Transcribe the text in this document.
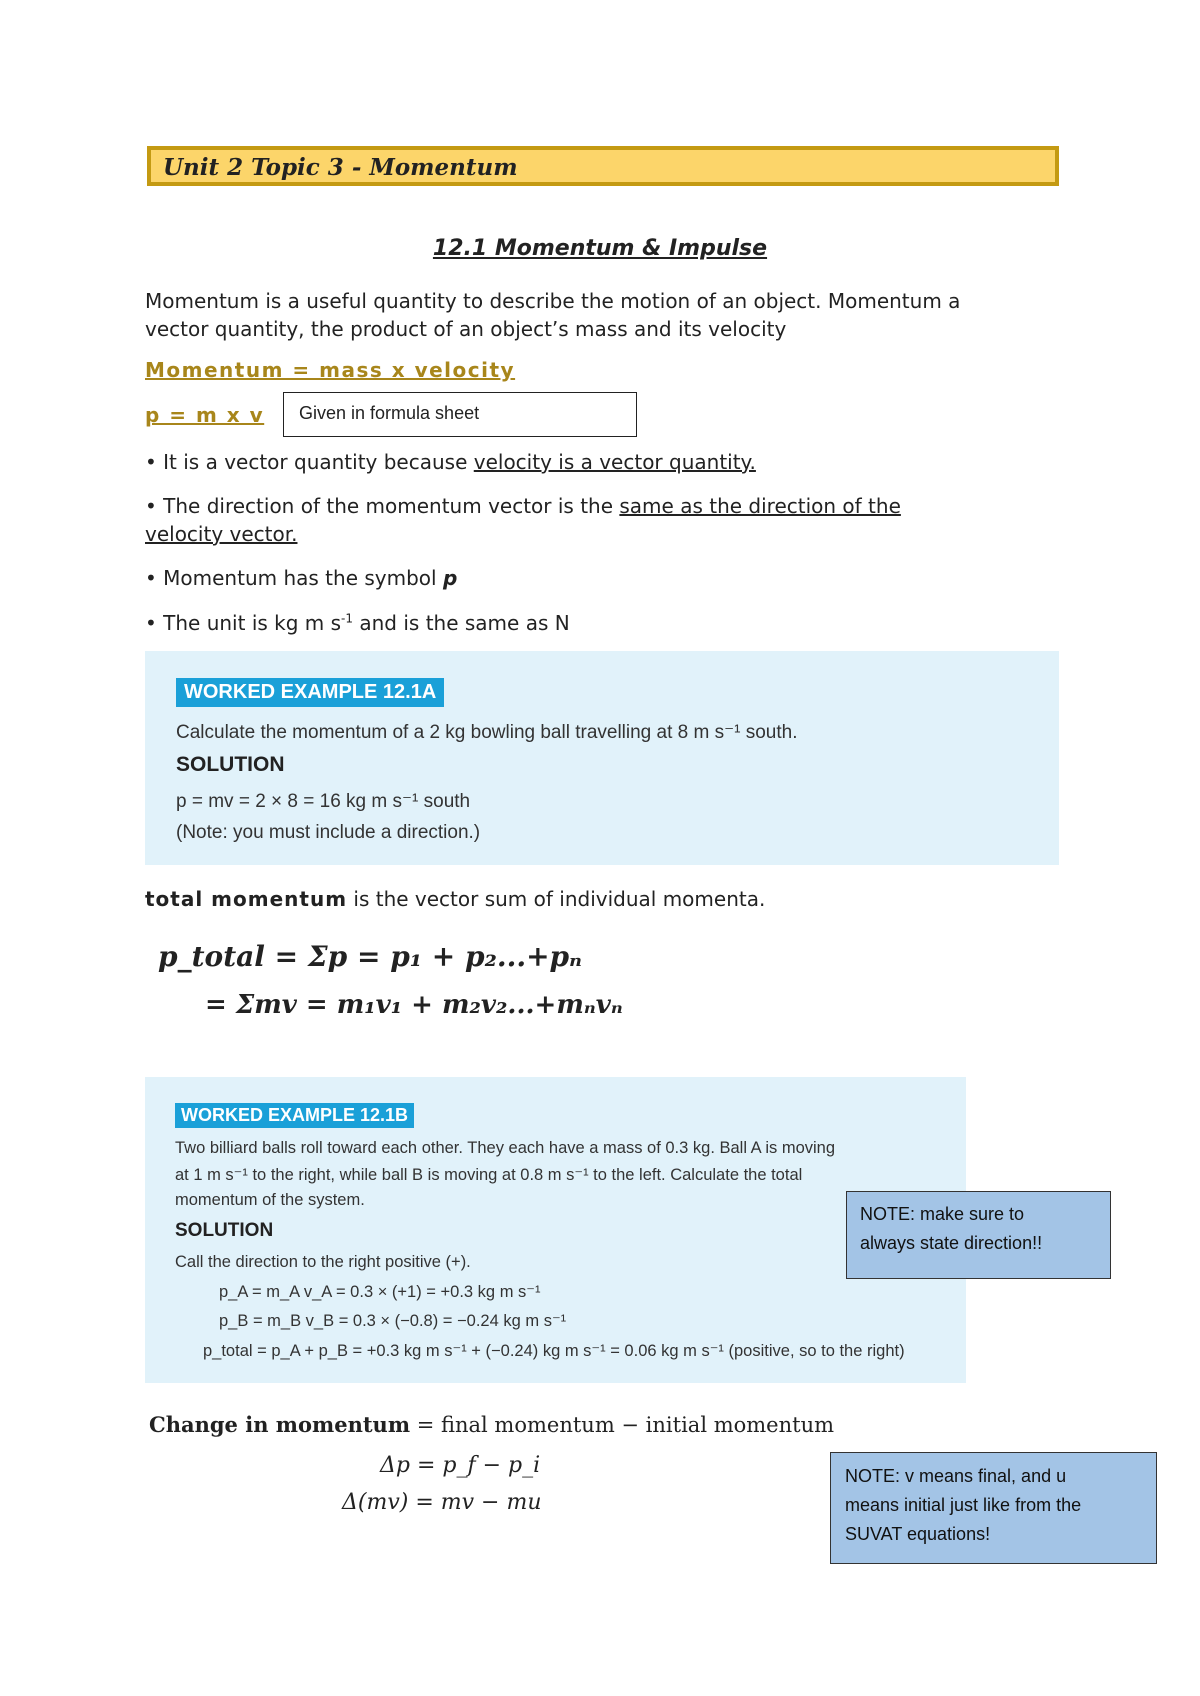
Unit 2 Topic 3 - Momentum
12.1 Momentum & Impulse
Momentum is a useful quantity to describe the motion of an object. Momentum a
vector quantity, the product of an object’s mass and its velocity
Momentum = mass x velocity
p = m x v	Given in formula sheet
• It is a vector quantity because velocity is a vector quantity.
• The direction of the momentum vector is the same as the direction of the
velocity vector.
• Momentum has the symbol p
• The unit is kg m $s^{-1}$ and is the same as N
WORKED EXAMPLE 12.1A
Calculate the momentum of a 2 kg bowling ball travelling at 8 m s⁻¹ south.
SOLUTION
p = mv = 2 × 8 = 16 kg m s⁻¹ south
(Note: you must include a direction.)
total momentum is the vector sum of individual momenta.
p_total = Σp = p₁ + p₂...+pₙ
= Σmv = m₁v₁ + m₂v₂...+mₙvₙ
WORKED EXAMPLE 12.1B
Two billiard balls roll toward each other. They each have a mass of 0.3 kg. Ball A is moving
at 1 m s⁻¹ to the right, while ball B is moving at 0.8 m s⁻¹ to the left. Calculate the total
momentum of the system.
SOLUTION
Call the direction to the right positive (+).
p_A = m_A v_A = 0.3 × (+1) = +0.3 kg m s⁻¹
p_B = m_B v_B = 0.3 × (−0.8) = −0.24 kg m s⁻¹
p_total = p_A + p_B = +0.3 kg m s⁻¹ + (−0.24) kg m s⁻¹ = 0.06 kg m s⁻¹ (positive, so to the right)
NOTE: make sure to
always state direction!!
Change in momentum = final momentum − initial momentum
Δp = p_f − p_i
Δ(mv) = mv − mu
NOTE: v means final, and u
means initial just like from the
SUVAT equations!
